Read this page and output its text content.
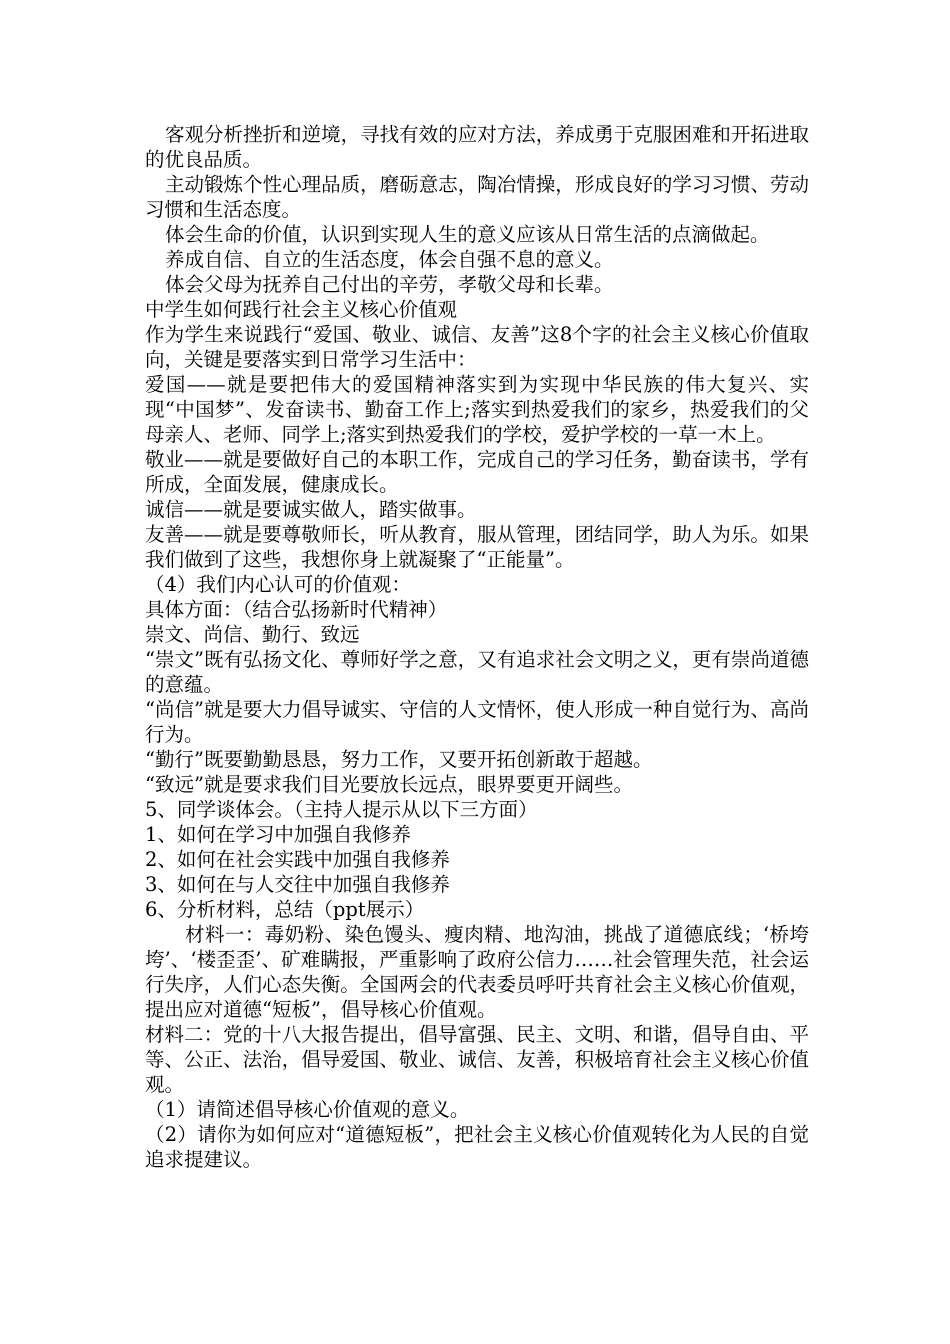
客观分析挫折和逆境，寻找有效的应对方法，养成勇于克服困难和开拓进取的优良品质。

主动锻炼个性心理品质，磨砺意志，陶冶情操，形成良好的学习习惯、劳动习惯和生活态度。

体会生命的价值，认识到实现人生的意义应该从日常生活的点滴做起。

养成自信、自立的生活态度，体会自强不息的意义。

体会父母为抚养自己付出的辛劳，孝敬父母和长辈。

中学生如何践行社会主义核心价值观

作为学生来说践行“爱国、敬业、诚信、友善”这8个字的社会主义核心价值取向，关键是要落实到日常学习生活中：

爱国——就是要把伟大的爱国精神落实到为实现中华民族的伟大复兴、实现“中国梦”、发奋读书、勤奋工作上;落实到热爱我们的家乡，热爱我们的父母亲人、老师、同学上;落实到热爱我们的学校，爱护学校的一草一木上。

敬业——就是要做好自己的本职工作，完成自己的学习任务，勤奋读书，学有所成，全面发展，健康成长。

诚信——就是要诚实做人，踏实做事。

友善——就是要尊敬师长，听从教育，服从管理，团结同学，助人为乐。如果我们做到了这些，我想你身上就凝聚了“正能量”。

（4）我们内心认可的价值观：

具体方面：（结合弘扬新时代精神）

崇文、尚信、勤行、致远

“崇文”既有弘扬文化、尊师好学之意，又有追求社会文明之义，更有崇尚道德的意蕴。

“尚信”就是要大力倡导诚实、守信的人文情怀，使人形成一种自觉行为、高尚行为。

“勤行”既要勤勤恳恳，努力工作，又要开拓创新敢于超越。

“致远”就是要求我们目光要放长远点，眼界要更开阔些。

5、同学谈体会。（主持人提示从以下三方面）

1、如何在学习中加强自我修养

2、如何在社会实践中加强自我修养

3、如何在与人交往中加强自我修养

6、分析材料，总结（ppt展示）

材料一：毒奶粉、染色馒头、瘦肉精、地沟油，挑战了道德底线；‘桥垮垮’、‘楼歪歪’、矿难瞒报，严重影响了政府公信力……社会管理失范，社会运行失序，人们心态失衡。全国两会的代表委员呼吁共育社会主义核心价值观，提出应对道德“短板”，倡导核心价值观。

材料二：党的十八大报告提出，倡导富强、民主、文明、和谐，倡导自由、平等、公正、法治，倡导爱国、敬业、诚信、友善，积极培育社会主义核心价值观。

（1）请简述倡导核心价值观的意义。

（2）请你为如何应对“道德短板”，把社会主义核心价值观转化为人民的自觉追求提建议。
